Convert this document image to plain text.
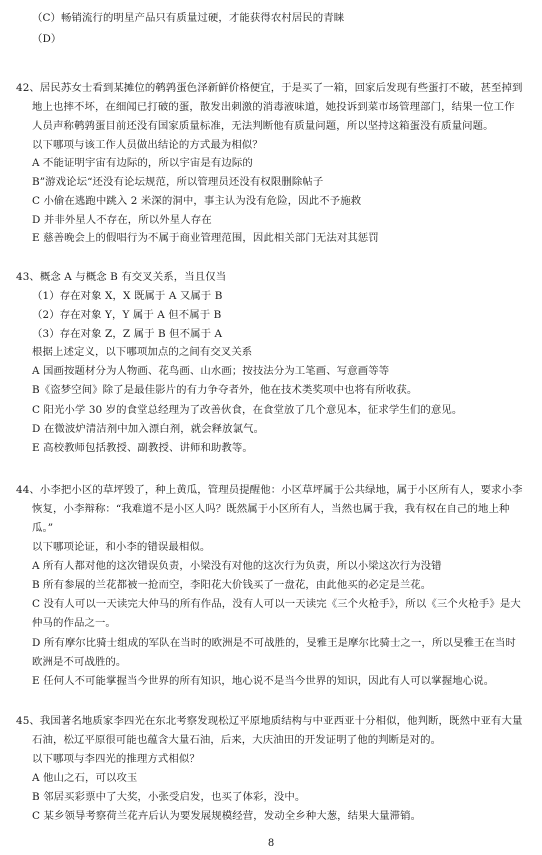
（C）畅销流行的明星产品只有质量过硬，才能获得农村居民的青睐
（D）
42、居民苏女士看到某摊位的鹌鹑蛋色泽新鲜价格便宜，于是买了一箱，回家后发现有些蛋打不破，甚至掉到
地上也摔不坏，在细闻已打破的蛋，散发出刺激的消毒液味道，她投诉到菜市场管理部门，结果一位工作
人员声称鹌鹑蛋目前还没有国家质量标准，无法判断他有质量问题，所以坚持这箱蛋没有质量问题。
以下哪项与该工作人员做出结论的方式最为相似？
A 不能证明宇宙有边际的，所以宇宙是有边际的
B”游戏论坛“还没有论坛规范，所以管理员还没有权限删除帖子
C 小偷在逃跑中跳入 2 米深的洞中，事主认为没有危险，因此不予施救
D 并非外星人不存在，所以外星人存在
E 慈善晚会上的假唱行为不属于商业管理范围，因此相关部门无法对其惩罚
43、概念 A 与概念 B 有交叉关系，当且仅当
（1）存在对象 X，X 既属于 A 又属于 B
（2）存在对象 Y，Y 属于 A 但不属于 B
（3）存在对象 Z，Z 属于 B 但不属于 A
根据上述定义，以下哪项加点的之间有交叉关系
A 国画按题材分为人物画、花鸟画、山水画；按技法分为工笔画、写意画等等
B《盗梦空间》除了是最佳影片的有力争夺者外，他在技术类奖项中也将有所收获。
C 阳光小学 30 岁的食堂总经理为了改善伙食，在食堂放了几个意见本，征求学生们的意见。
D 在微波炉清洁剂中加入漂白剂，就会释放氯气。
E 高校教师包括教授、副教授、讲师和助教等。
44、小李把小区的草坪毁了，种上黄瓜，管理员提醒他：小区草坪属于公共绿地，属于小区所有人，要求小李
恢复，小李辩称：“我难道不是小区人吗？既然属于小区所有人，当然也属于我，我有权在自己的地上种
瓜。”
以下哪项论证，和小李的错误最相似。
A 所有人都对他的这次错误负责，小梁没有对他的这次行为负责，所以小梁这次行为没错
B 所有参展的兰花都被一抢而空，李阳花大价钱买了一盘花，由此他买的必定是兰花。
C 没有人可以一天读完大仲马的所有作品，没有人可以一天读完《三个火枪手》，所以《三个火枪手》是大
仲马的作品之一。
D 所有摩尔比骑士组成的军队在当时的欧洲是不可战胜的，旻雅王是摩尔比骑士之一，所以旻雅王在当时
欧洲是不可战胜的。
E 任何人不可能掌握当今世界的所有知识，地心说不是当今世界的知识，因此有人可以掌握地心说。
45、我国著名地质家李四光在东北考察发现松辽平原地质结构与中亚西亚十分相似，他判断，既然中亚有大量
石油，松辽平原很可能也蕴含大量石油，后来，大庆油田的开发证明了他的判断是对的。
以下哪项与李四光的推理方式相似？
A 他山之石，可以攻玉
B 邻居买彩票中了大奖，小张受启发，也买了体彩，没中。
C 某乡领导考察荷兰花卉后认为要发展规模经营，发动全乡种大葱，结果大量滞销。
8
